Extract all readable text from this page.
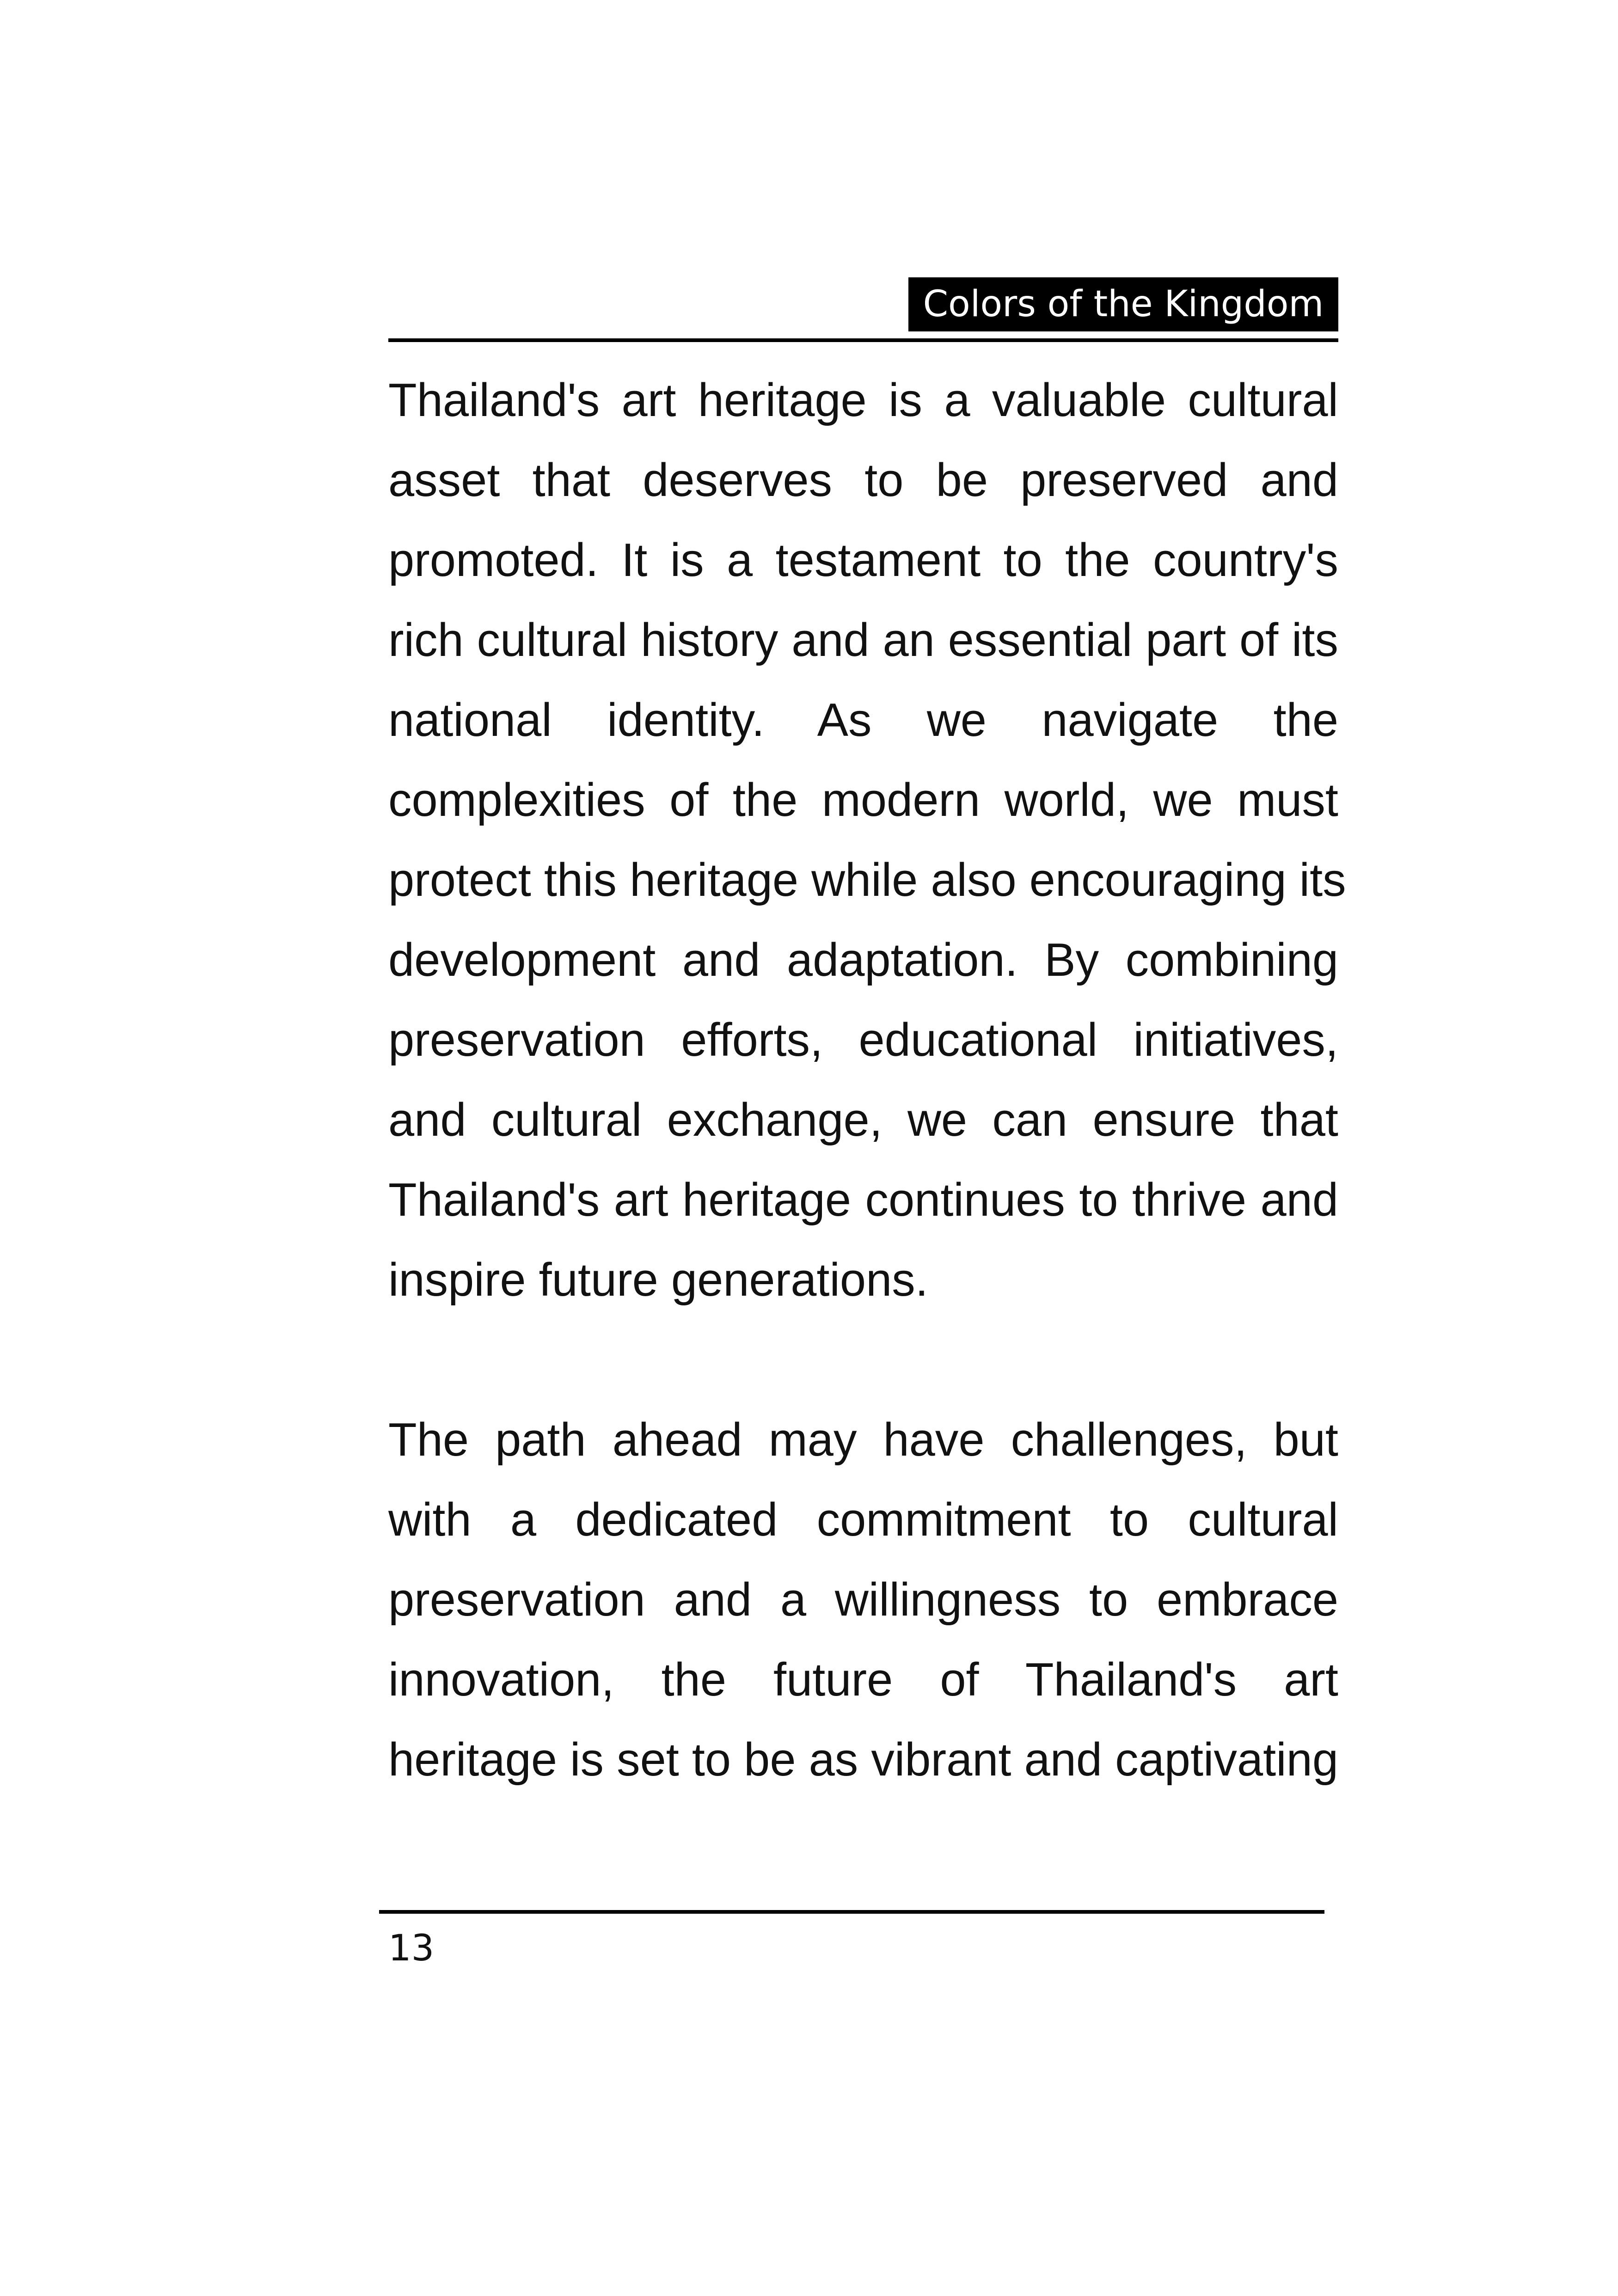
Colors of the Kingdom
Thailand's art heritage is a valuable cultural
asset that deserves to be preserved and
promoted. It is a testament to the country's
rich cultural history and an essential part of its
national identity. As we navigate the
complexities of the modern world, we must
protect this heritage while also encouraging its
development and adaptation. By combining
preservation efforts, educational initiatives,
and cultural exchange, we can ensure that
Thailand's art heritage continues to thrive and
inspire future generations.
The path ahead may have challenges, but
with a dedicated commitment to cultural
preservation and a willingness to embrace
innovation, the future of Thailand's art
heritage is set to be as vibrant and captivating
13
